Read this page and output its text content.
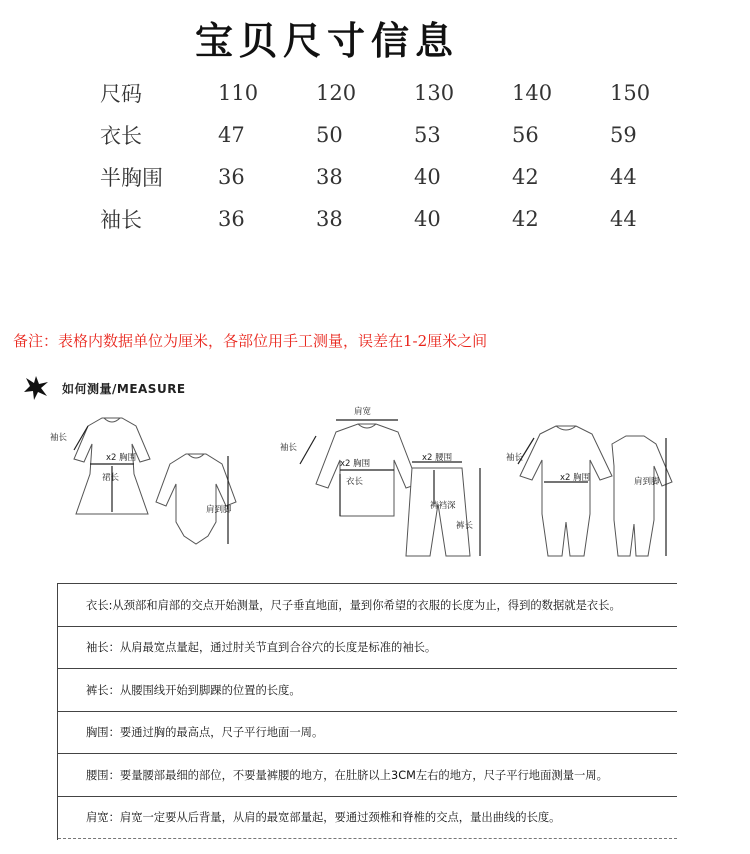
宝贝尺寸信息
尺码	110	120	130	140	150
衣长	47	50	53	56	59
半胸围	36	38	40	42	44
袖长	36	38	40	42	44
备注：表格内数据单位为厘米，各部位用手工测量，误差在1-2厘米之间
如何测量/MEASURE
袖长
x2 胸围
裙长
肩到脚
肩宽
袖长
x2 胸围
衣长
x2 腰围
裤裆深
裤长
袖长
x2 胸围	肩到脚
衣长:从颈部和肩部的交点开始测量，尺子垂直地面，量到你希望的衣服的长度为止，得到的数据就是衣长。
袖长：从肩最宽点量起，通过肘关节直到合谷穴的长度是标准的袖长。
裤长：从腰围线开始到脚踝的位置的长度。
胸围：要通过胸的最高点，尺子平行地面一周。
腰围：要量腰部最细的部位，不要量裤腰的地方，在肚脐以上3CM左右的地方，尺子平行地面测量一周。
肩宽：肩宽一定要从后背量，从肩的最宽部量起，要通过颈椎和脊椎的交点，量出曲线的长度。
